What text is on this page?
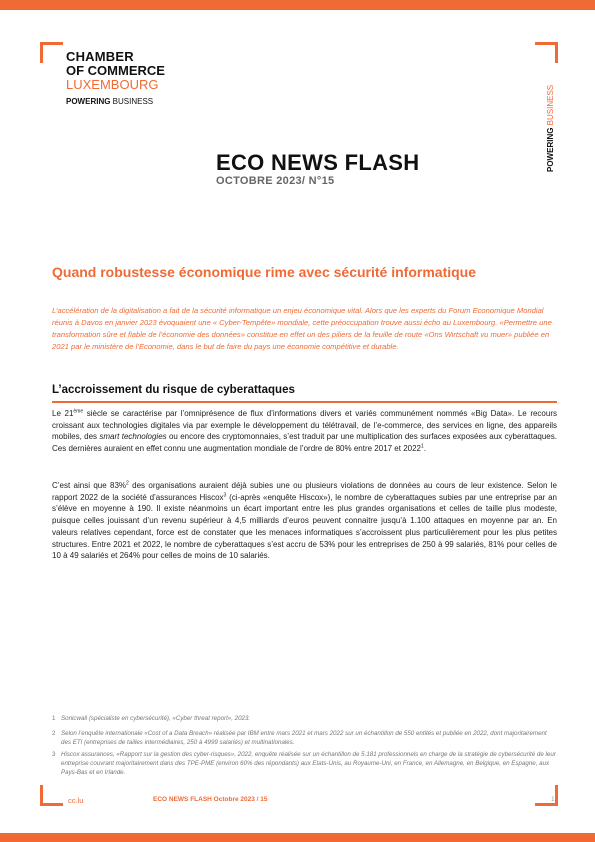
CHAMBER
OF COMMERCE
LUXEMBOURG
POWERING BUSINESS
POWERING BUSINESS
ECO NEWS FLASH
OCTOBRE 2023/ N°15
Quand robustesse économique rime avec sécurité informatique
L’accélération de la digitalisation a fait de la sécurité informatique un enjeu économique vital. Alors que les experts du Forum Economique Mondial réunis à Davos en janvier 2023 évoquaient une « Cyber-Tempête» mondiale, cette préoccupation trouve aussi écho au Luxembourg. «Permettre une transformation sûre et fiable de l’économie des données» constitue en effet un des piliers de la feuille de route «Ons Wirtschaft vu muer» publiée en 2021 par le ministère de l’Economie, dans le but de faire du pays une économie compétitive et durable.
L’accroissement du risque de cyberattaques
Le 21ème siècle se caractérise par l’omniprésence de flux d’informations divers et variés communément nommés «Big Data». Le recours croissant aux technologies digitales via par exemple le développement du télétravail, de l’e-commerce, des services en ligne, des appareils mobiles, des smart technologies ou encore des cryptomonnaies, s’est traduit par une multiplication des surfaces exposées aux cyberattaques. Ces dernières auraient en effet connu une augmentation mondiale de l’ordre de 80% entre 2017 et 2022$^1$.
C’est ainsi que 83%$^2$ des organisations auraient déjà subies une ou plusieurs violations de données au cours de leur existence. Selon le rapport 2022 de la société d’assurances Hiscox$^3$ (ci-après «enquête Hiscox»), le nombre de cyberattaques subies par une entreprise par an s’élève en moyenne à 190. Il existe néanmoins un écart important entre les plus grandes organisations et celles de taille plus modeste, puisque celles jouissant d’un revenu supérieur à 4,5 milliards d’euros peuvent connaitre jusqu’à 1.100 attaques en moyenne par an. En valeurs relatives cependant, force est de constater que les menaces informatiques s’accroissent plus particulièrement pour les plus petites structures. Entre 2021 et 2022, le nombre de cyberattaques s’est accru de 53% pour les entreprises de 250 à 99 salariés, 81% pour celles de 10 à 49 salariés et 264% pour celles de moins de 10 salariés.
1 Sonicwall (spécialiste en cybersécurité), «Cyber threat report», 2023.
2 Selon l’enquête internationale «Cost of a Data Breach» réalisée par IBM entre mars 2021 et mars 2022 sur un échantillon de 550 entités et publiée en 2022, dont majoritairement des ETI (entreprises de tailles intermédiaires, 250 à 4999 salariés) et multinationales.
3 Hiscox assurances, «Rapport sur la gestion des cyber-risques», 2022, enquête réalisée sur un échantillon de 5.181 professionnels en charge de la stratégie de cybersécurité de leur entreprise couvrant majoritairement dans des TPE-PME (environ 60% des répondants) aux Etats-Unis, au Royaume-Uni, en France, en Allemagne, en Belgique, en Espagne, aux Pays-Bas et en Irlande.
cc.lu	ECO NEWS FLASH Octobre 2023 / 15	1
